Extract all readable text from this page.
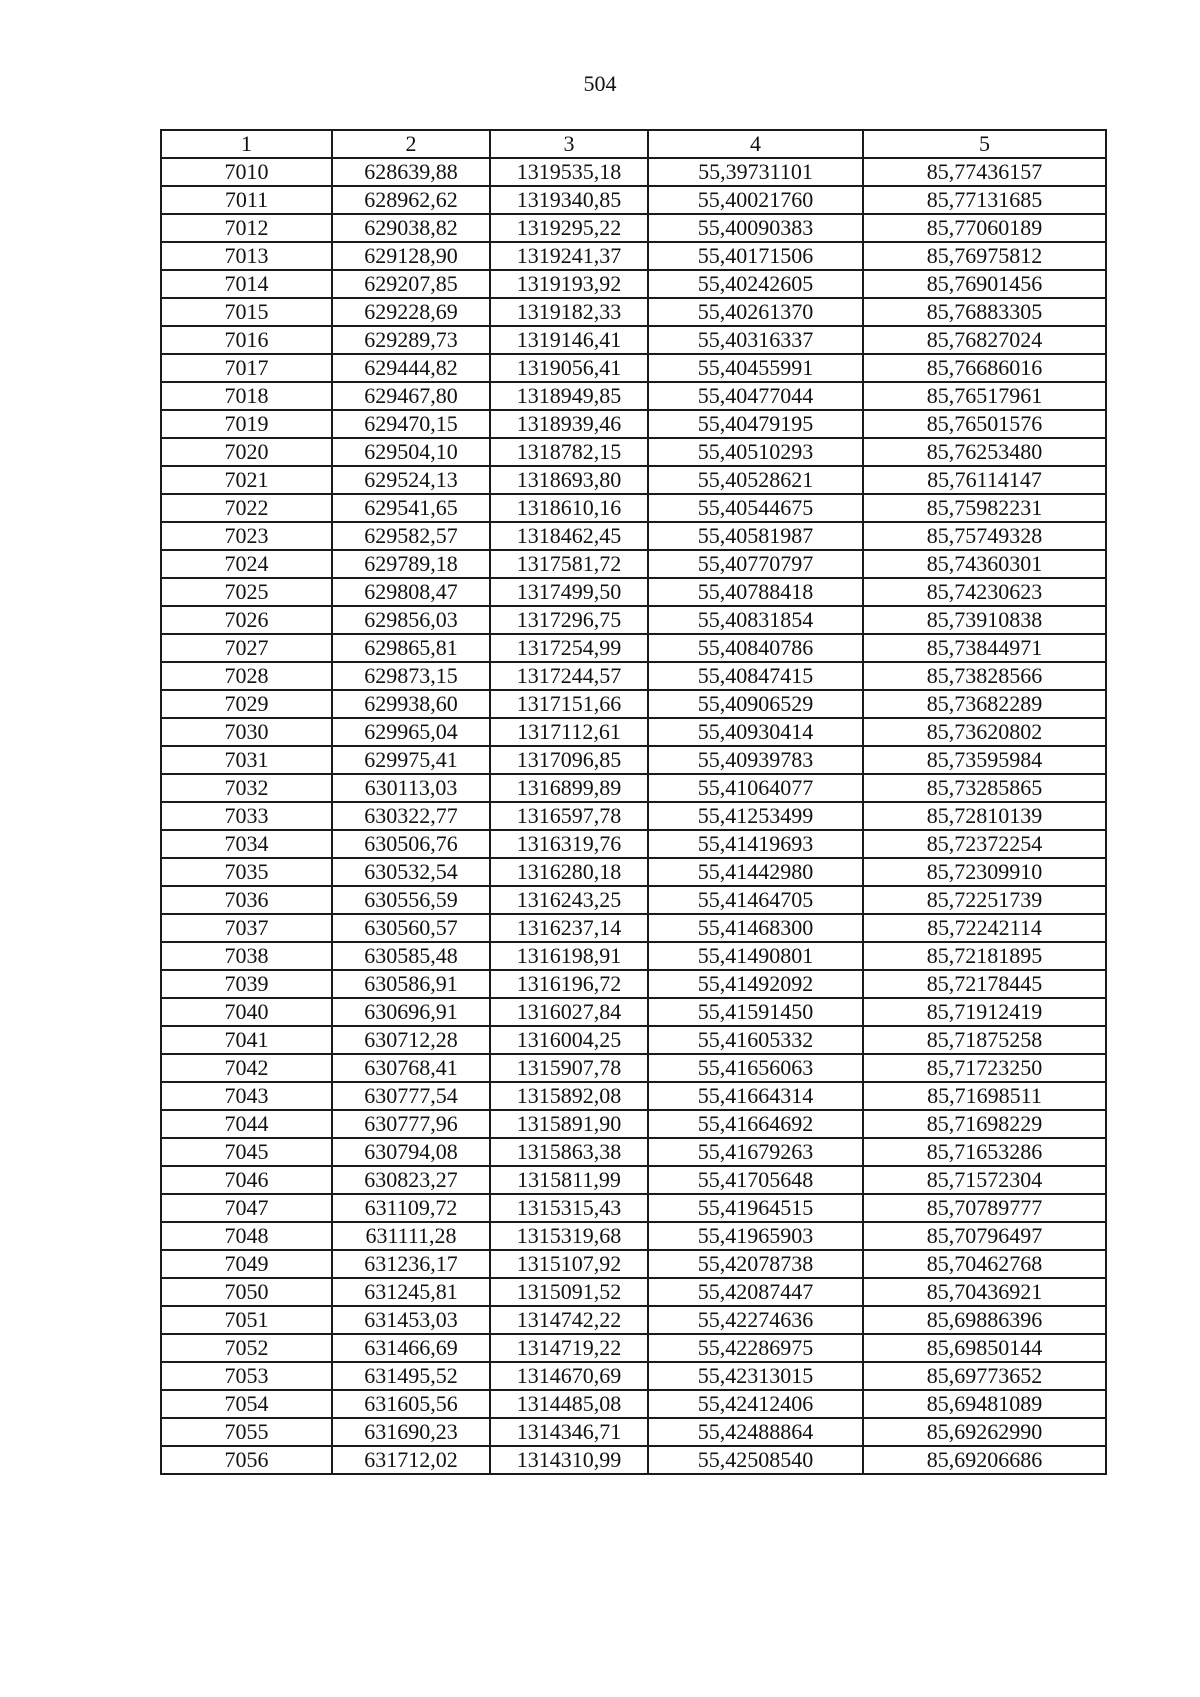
504
1	2	3	4	5
7010	628639,88	1319535,18	55,39731101	85,77436157
7011	628962,62	1319340,85	55,40021760	85,77131685
7012	629038,82	1319295,22	55,40090383	85,77060189
7013	629128,90	1319241,37	55,40171506	85,76975812
7014	629207,85	1319193,92	55,40242605	85,76901456
7015	629228,69	1319182,33	55,40261370	85,76883305
7016	629289,73	1319146,41	55,40316337	85,76827024
7017	629444,82	1319056,41	55,40455991	85,76686016
7018	629467,80	1318949,85	55,40477044	85,76517961
7019	629470,15	1318939,46	55,40479195	85,76501576
7020	629504,10	1318782,15	55,40510293	85,76253480
7021	629524,13	1318693,80	55,40528621	85,76114147
7022	629541,65	1318610,16	55,40544675	85,75982231
7023	629582,57	1318462,45	55,40581987	85,75749328
7024	629789,18	1317581,72	55,40770797	85,74360301
7025	629808,47	1317499,50	55,40788418	85,74230623
7026	629856,03	1317296,75	55,40831854	85,73910838
7027	629865,81	1317254,99	55,40840786	85,73844971
7028	629873,15	1317244,57	55,40847415	85,73828566
7029	629938,60	1317151,66	55,40906529	85,73682289
7030	629965,04	1317112,61	55,40930414	85,73620802
7031	629975,41	1317096,85	55,40939783	85,73595984
7032	630113,03	1316899,89	55,41064077	85,73285865
7033	630322,77	1316597,78	55,41253499	85,72810139
7034	630506,76	1316319,76	55,41419693	85,72372254
7035	630532,54	1316280,18	55,41442980	85,72309910
7036	630556,59	1316243,25	55,41464705	85,72251739
7037	630560,57	1316237,14	55,41468300	85,72242114
7038	630585,48	1316198,91	55,41490801	85,72181895
7039	630586,91	1316196,72	55,41492092	85,72178445
7040	630696,91	1316027,84	55,41591450	85,71912419
7041	630712,28	1316004,25	55,41605332	85,71875258
7042	630768,41	1315907,78	55,41656063	85,71723250
7043	630777,54	1315892,08	55,41664314	85,71698511
7044	630777,96	1315891,90	55,41664692	85,71698229
7045	630794,08	1315863,38	55,41679263	85,71653286
7046	630823,27	1315811,99	55,41705648	85,71572304
7047	631109,72	1315315,43	55,41964515	85,70789777
7048	631111,28	1315319,68	55,41965903	85,70796497
7049	631236,17	1315107,92	55,42078738	85,70462768
7050	631245,81	1315091,52	55,42087447	85,70436921
7051	631453,03	1314742,22	55,42274636	85,69886396
7052	631466,69	1314719,22	55,42286975	85,69850144
7053	631495,52	1314670,69	55,42313015	85,69773652
7054	631605,56	1314485,08	55,42412406	85,69481089
7055	631690,23	1314346,71	55,42488864	85,69262990
7056	631712,02	1314310,99	55,42508540	85,69206686
